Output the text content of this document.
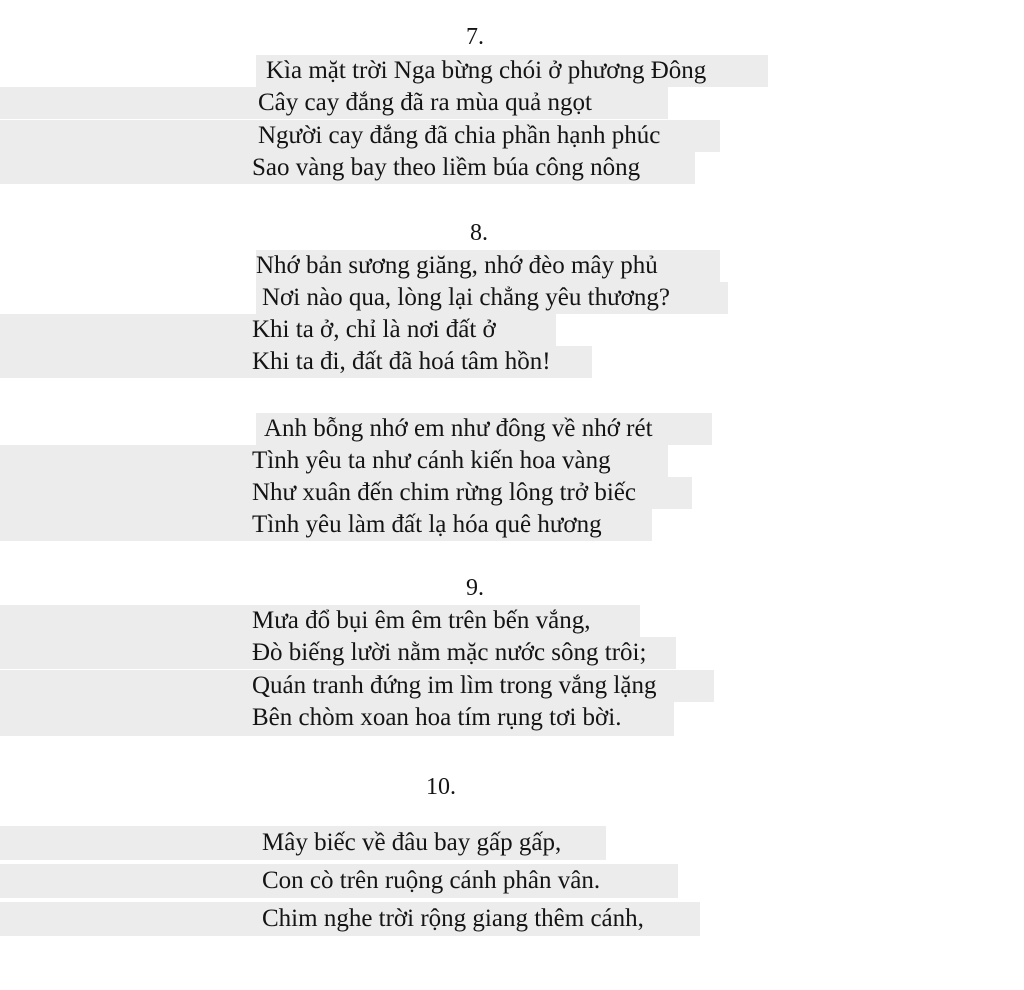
7.
Kìa mặt trời Nga bừng chói ở phương Đông
Cây cay đắng đã ra mùa quả ngọt
Người cay đắng đã chia phần hạnh phúc
Sao vàng bay theo liềm búa công nông
8.
Nhớ bản sương giăng, nhớ đèo mây phủ
Nơi nào qua, lòng lại chẳng yêu thương?
Khi ta ở, chỉ là nơi đất ở
Khi ta đi, đất đã hoá tâm hồn!
Anh bỗng nhớ em như đông về nhớ rét
Tình yêu ta như cánh kiến hoa vàng
Như xuân đến chim rừng lông trở biếc
Tình yêu làm đất lạ hóa quê hương
9.
Mưa đổ bụi êm êm trên bến vắng,
Đò biếng lười nằm mặc nước sông trôi;
Quán tranh đứng im lìm trong vắng lặng
Bên chòm xoan hoa tím rụng tơi bời.
10.
Mây biếc về đâu bay gấp gấp,
Con cò trên ruộng cánh phân vân.
Chim nghe trời rộng giang thêm cánh,
